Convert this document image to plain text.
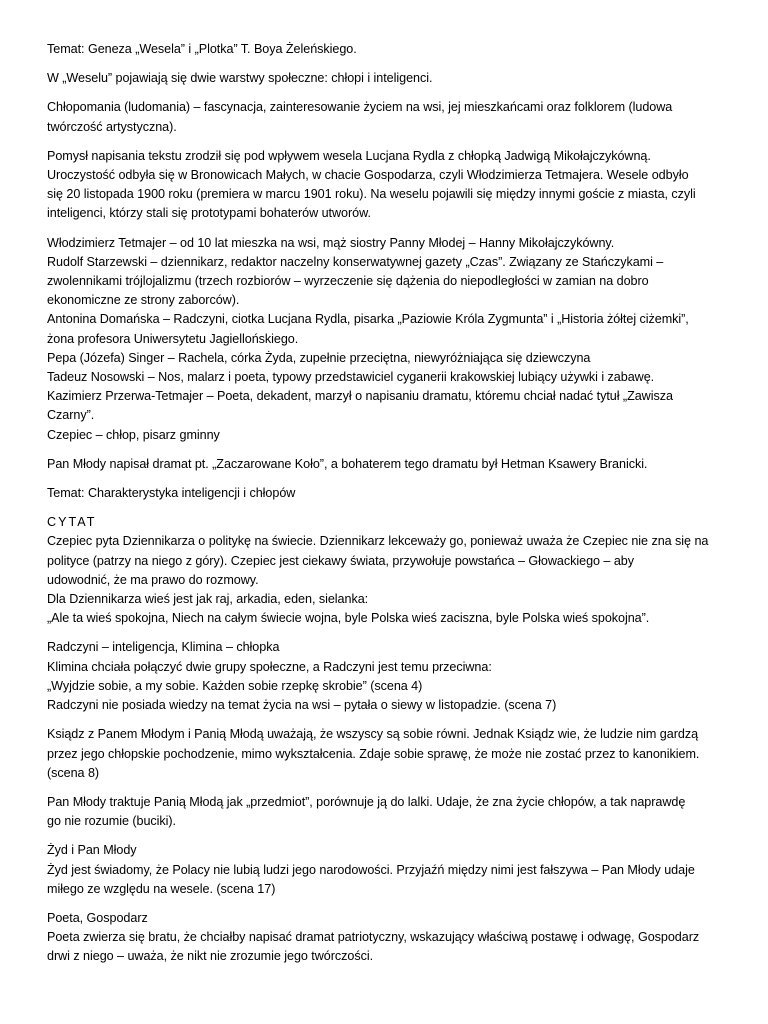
Temat: Geneza „Wesela” i „Plotka” T. Boya Żeleńskiego.
W „Weselu” pojawiają się dwie warstwy społeczne: chłopi i inteligenci.
Chłopomania (ludomania) – fascynacja, zainteresowanie życiem na wsi, jej mieszkańcami oraz folklorem (ludowa
twórczość artystyczna).
Pomysł napisania tekstu zrodził się pod wpływem wesela Lucjana Rydla z chłopką Jadwigą Mikołajczykówną.
Uroczystość odbyła się w Bronowicach Małych, w chacie Gospodarza, czyli Włodzimierza Tetmajera. Wesele odbyło
się 20 listopada 1900 roku (premiera w marcu 1901 roku). Na weselu pojawili się między innymi goście z miasta, czyli
inteligenci, którzy stali się prototypami bohaterów utworów.
Włodzimierz Tetmajer – od 10 lat mieszka na wsi, mąż siostry Panny Młodej – Hanny Mikołajczykówny.
Rudolf Starzewski – dziennikarz, redaktor naczelny konserwatywnej gazety „Czas”. Związany ze Stańczykami –
zwolennikami trójlojalizmu (trzech rozbiorów – wyrzeczenie się dążenia do niepodległości w zamian na dobro
ekonomiczne ze strony zaborców).
Antonina Domańska – Radczyni, ciotka Lucjana Rydla, pisarka „Paziowie Króla Zygmunta” i „Historia żółtej ciżemki”,
żona profesora Uniwersytetu Jagiellońskiego.
Pepa (Józefa) Singer – Rachela, córka Żyda, zupełnie przeciętna, niewyróżniająca się dziewczyna
Tadeuz Nosowski – Nos, malarz i poeta, typowy przedstawiciel cyganerii krakowskiej lubiący używki i zabawę.
Kazimierz Przerwa-Tetmajer – Poeta, dekadent, marzył o napisaniu dramatu, któremu chciał nadać tytuł „Zawisza
Czarny”.
Czepiec – chłop, pisarz gminny
Pan Młody napisał dramat pt. „Zaczarowane Koło”, a bohaterem tego dramatu był Hetman Ksawery Branicki.
Temat: Charakterystyka inteligencji i chłopów
CYTAT
Czepiec pyta Dziennikarza o politykę na świecie. Dziennikarz lekceważy go, ponieważ uważa że Czepiec nie zna się na
polityce (patrzy na niego z góry). Czepiec jest ciekawy świata, przywołuje powstańca – Głowackiego – aby
udowodnić, że ma prawo do rozmowy.
Dla Dziennikarza wieś jest jak raj, arkadia, eden, sielanka:
„Ale ta wieś spokojna, Niech na całym świecie wojna, byle Polska wieś zaciszna, byle Polska wieś spokojna”.
Radczyni – inteligencja, Klimina – chłopka
Klimina chciała połączyć dwie grupy społeczne, a Radczyni jest temu przeciwna:
„Wyjdzie sobie, a my sobie. Każden sobie rzepkę skrobie” (scena 4)
Radczyni nie posiada wiedzy na temat życia na wsi – pytała o siewy w listopadzie. (scena 7)
Ksiądz z Panem Młodym i Panią Młodą uważają, że wszyscy są sobie równi. Jednak Ksiądz wie, że ludzie nim gardzą
przez jego chłopskie pochodzenie, mimo wykształcenia. Zdaje sobie sprawę, że może nie zostać przez to kanonikiem.
(scena 8)
Pan Młody traktuje Panią Młodą jak „przedmiot”, porównuje ją do lalki. Udaje, że zna życie chłopów, a tak naprawdę
go nie rozumie (buciki).
Żyd i Pan Młody
Żyd jest świadomy, że Polacy nie lubią ludzi jego narodowości. Przyjaźń między nimi jest fałszywa – Pan Młody udaje
miłego ze względu na wesele. (scena 17)
Poeta, Gospodarz
Poeta zwierza się bratu, że chciałby napisać dramat patriotyczny, wskazujący właściwą postawę i odwagę, Gospodarz
drwi z niego – uważa, że nikt nie zrozumie jego twórczości.
